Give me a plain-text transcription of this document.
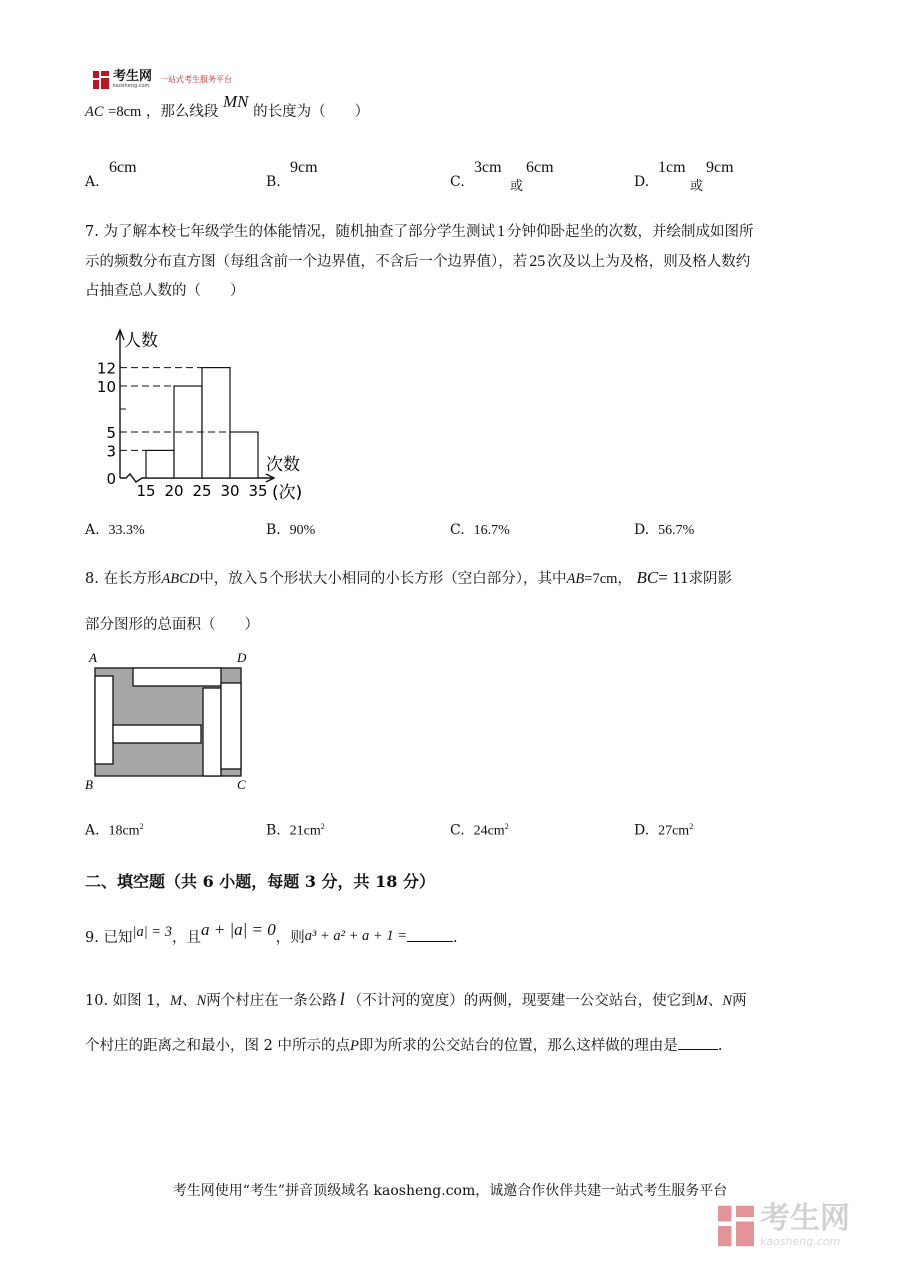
考生网
kaosheng.com
一站式考生服务平台
AC =8cm ，那么线段 MN 的长度为（　　）
A.
6cm
B.
9cm
C.
3cm
或
6cm
D.
1cm
或
9cm
7. 为了解本校七年级学生的体能情况，随机抽查了部分学生测试 1 分钟仰卧起坐的次数，并绘制成如图所
示的频数分布直方图（每组含前一个边界值，不含后一个边界值），若 25 次及以上为及格，则及格人数约
占抽查总人数的（　　）
0
3
5
10
12
15 20 25 30 35
人数
次数
(次)
A. 33.3%	B. 90%	C. 16.7%	D. 56.7%
8. 在长方形ABCD中，放入 5 个形状大小相同的小长方形（空白部分），其中AB=7cm， BC= 11求阴影
部分图形的总面积（　　）
A	D
B	C
A. $18cm^2$	B. $21cm^2$	C. $24cm^2$	D. $27cm^2$
二、填空题（共 6 小题，每题 3 分，共 18 分）
9. 已知|a| = 3，且a + |a| = 0，则a³ + a² + a + 1 =	.
10. 如图 1，M、N两个村庄在一条公路 l （不计河的宽度）的两侧，现要建一公交站台，使它到M、N两
个村庄的距离之和最小，图 2 中所示的点P即为所求的公交站台的位置，那么这样做的理由是	.
考生网使用“考生”拼音顶级域名 kaosheng.com，诚邀合作伙伴共建一站式考生服务平台
考生网
kaosheng.com
